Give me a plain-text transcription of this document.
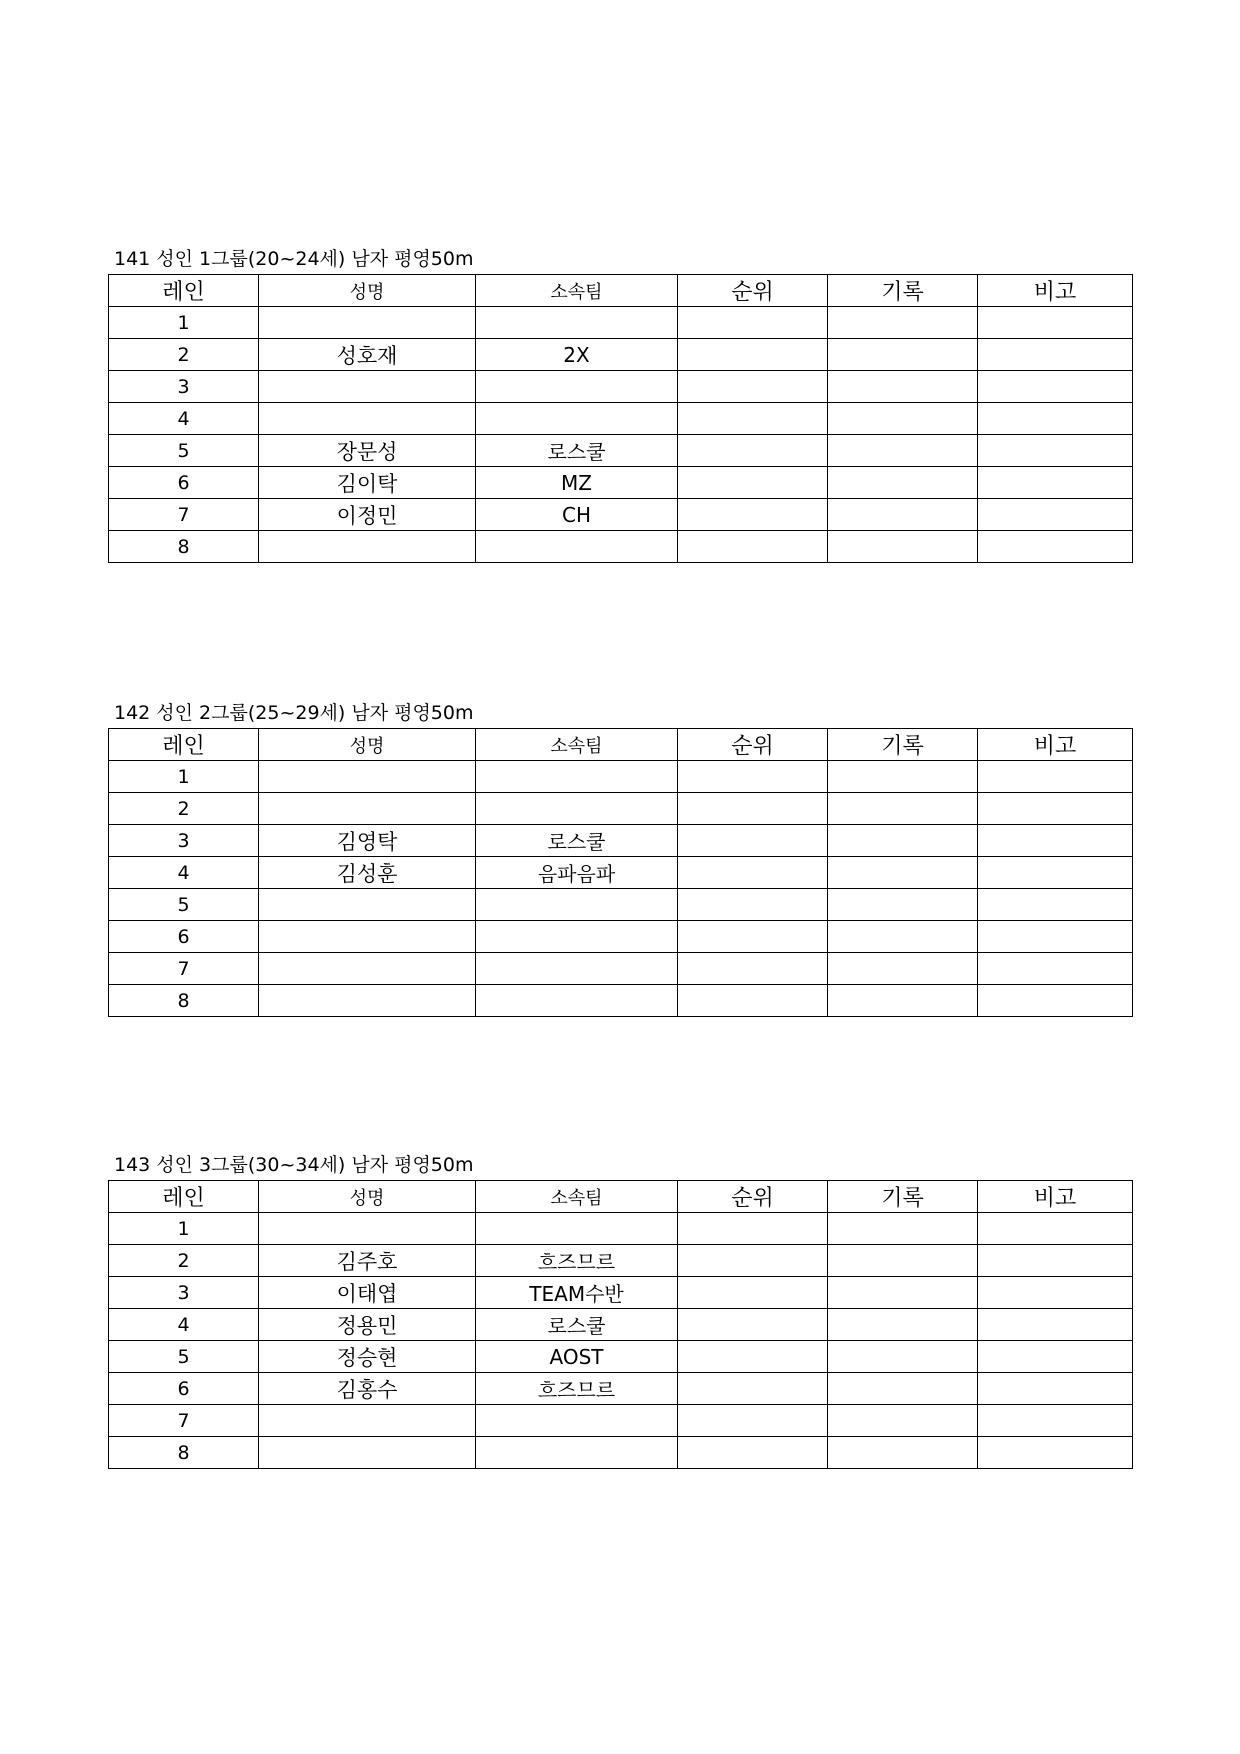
141 성인 1그룹(20~24세) 남자 평영50m
레인	성명	소속팀	순위	기록	비고
1					
2	성호재	2X			
3					
4					
5	장문성	로스쿨			
6	김이탁	MZ			
7	이정민	CH			
8					
142 성인 2그룹(25~29세) 남자 평영50m
레인	성명	소속팀	순위	기록	비고
1					
2					
3	김영탁	로스쿨			
4	김성훈	음파음파			
5					
6					
7					
8					
143 성인 3그룹(30~34세) 남자 평영50m
레인	성명	소속팀	순위	기록	비고
1					
2	김주호	흐즈므르			
3	이태엽	TEAM수반			
4	정용민	로스쿨			
5	정승현	AOST			
6	김홍수	흐즈므르			
7					
8					
